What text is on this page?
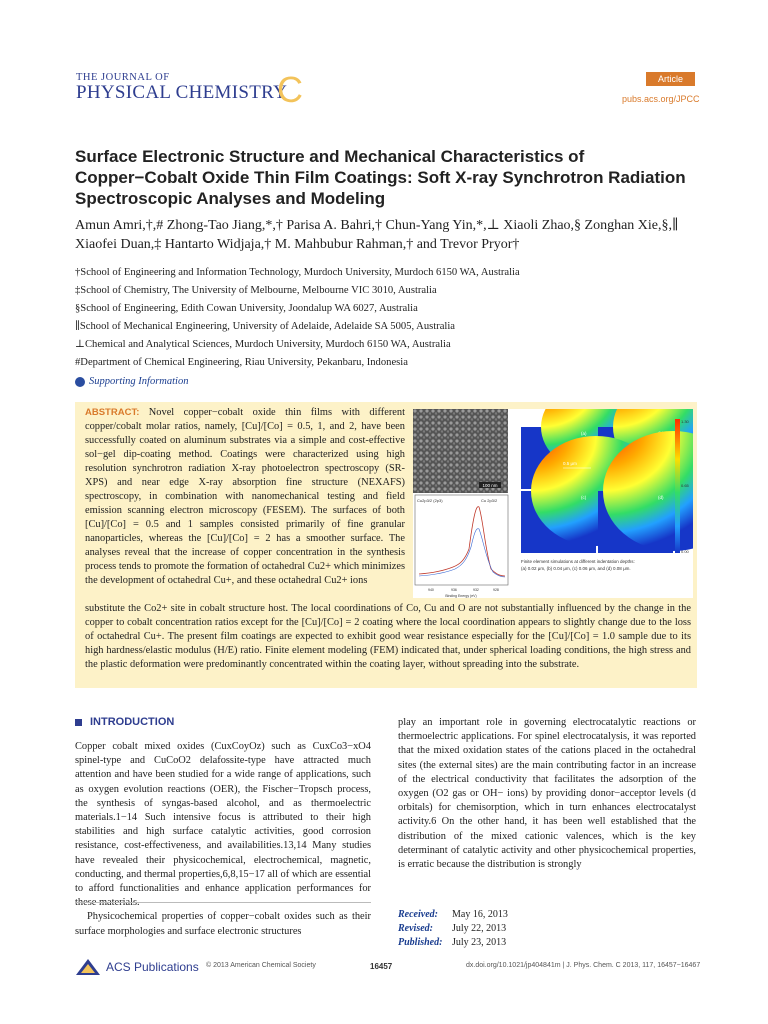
THE JOURNAL OF
PHYSICAL CHEMISTRY
C	Article
pubs.acs.org/JPCC
Surface Electronic Structure and Mechanical Characteristics of Copper−Cobalt Oxide Thin Film Coatings: Soft X-ray Synchrotron Radiation Spectroscopic Analyses and Modeling
Amun Amri,†,# Zhong-Tao Jiang,*,† Parisa A. Bahri,† Chun-Yang Yin,*,⊥ Xiaoli Zhao,§ Zonghan Xie,§,∥
Xiaofei Duan,‡ Hantarto Widjaja,† M. Mahbubur Rahman,† and Trevor Pryor†
†School of Engineering and Information Technology, Murdoch University, Murdoch 6150 WA, Australia
‡School of Chemistry, The University of Melbourne, Melbourne VIC 3010, Australia
§School of Engineering, Edith Cowan University, Joondalup WA 6027, Australia
∥School of Mechanical Engineering, University of Adelaide, Adelaide SA 5005, Australia
⊥Chemical and Analytical Sciences, Murdoch University, Murdoch 6150 WA, Australia
#Department of Chemical Engineering, Riau University, Pekanbaru, Indonesia
Supporting Information
ABSTRACT: Novel copper−cobalt oxide thin films with different copper/cobalt molar ratios, namely, [Cu]/[Co] = 0.5, 1, and 2, have been successfully coated on aluminum substrates via a simple and cost-effective sol−gel dip-coating method. Coatings were characterized using high resolution synchrotron radiation X-ray photoelectron spectroscopy (SR-XPS) and near edge X-ray absorption fine structure (NEXAFS) spectroscopy, in combination with nanomechanical testing and field emission scanning electron microscopy (FESEM). The surfaces of both [Cu]/[Co] = 0.5 and 1 samples consisted primarily of fine granular nanoparticles, whereas the [Cu]/[Co] = 2 has a smoother surface. The analyses reveal that the increase of copper concentration in the synthesis process tends to promote the formation of octahedral Cu2+ which minimizes the development of octahedral Cu+, and these octahedral Cu2+ ions
substitute the Co2+ site in cobalt structure host. The local coordinations of Co, Cu and O are not substantially influenced by the change in the copper to cobalt concentration ratios except for the [Cu]/[Co] = 2 coating where the local coordination appears to slightly change due to the loss of octahedral Cu+. The present film coatings are expected to exhibit good wear resistance especially for the [Cu]/[Co] = 1.0 sample due to its high hardness/elastic modulus (H/E) ratio. Finite element modeling (FEM) indicated that, under spherical loading conditions, the high stress and the plastic deformation were predominantly concentrated within the coating layer, without spreading into the substrate.
100 nm
Cu2p3/2 (2p3)	Cu 2p3/2
940	936	932	928
Binding Energy (eV)
(a)
(c)	(d)
0.5 μm
1.30
0.65
0.00
Finite element simulations at different indentation depths:
(a) 0.02 μm, (b) 0.04 μm, (c) 0.06 μm, and (d) 0.08 μm.
INTRODUCTION

Copper cobalt mixed oxides (CuxCoyOz) such as CuxCo3−xO4 spinel-type and CuCoO2 delafossite-type have attracted much attention and have been studied for a wide range of applications, such as oxygen evolution reactions (OER), the Fischer−Tropsch process, the synthesis of syngas-based alcohol, and as thermoelectric materials.1−14 Such intensive focus is attributed to their high stabilities and high surface catalytic activities, good corrosion resistance, cost-effectiveness, and availabilities.13,14 Many studies have revealed their physicochemical, electrochemical, magnetic, conducting, and thermal properties,6,8,15−17 all of which are essential to afford functionalities and enhance application performances for these materials.

Physicochemical properties of copper−cobalt oxides such as their surface morphologies and surface electronic structures

play an important role in governing electrocatalytic reactions or thermoelectric applications. For spinel electrocatalysis, it was reported that the mixed oxidation states of the cations placed in the octahedral sites (the external sites) are the main contributing factor in an increase of the electrical conductivity that facilitates the adsorption of the oxygen (O2 gas or OH− ions) by providing donor−acceptor levels (d orbitals) for chemisorption, which in turn enhances electrocatalyst activity.6 On the other hand, it has been well established that the distribution of the mixed cationic valences, which is the key determinant of catalytic activity and other physicochemical properties, is erratic because the distribution is strongly

Received: May 16, 2013
Revised: July 22, 2013
Published: July 23, 2013
ACS Publications © 2013 American Chemical Society	16457	dx.doi.org/10.1021/jp404841m | J. Phys. Chem. C 2013, 117, 16457−16467
